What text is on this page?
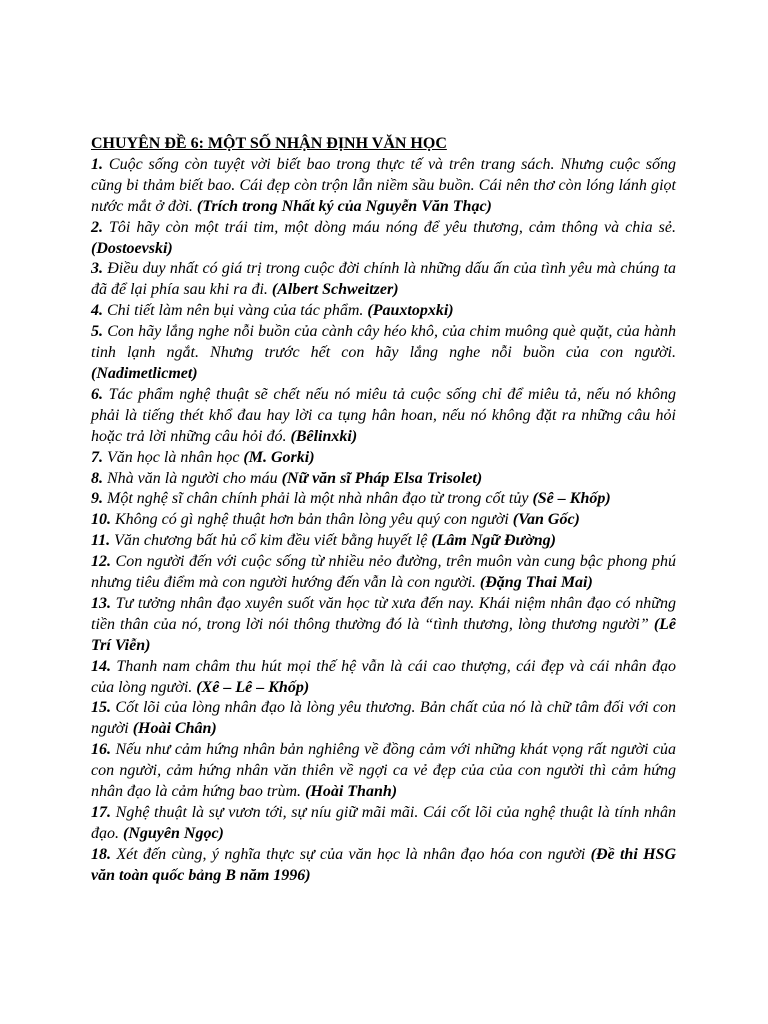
CHUYÊN ĐỀ 6: MỘT SỐ NHẬN ĐỊNH VĂN HỌC

1. Cuộc sống còn tuyệt vời biết bao trong thực tế và trên trang sách. Nhưng cuộc sống cũng bi thảm biết bao. Cái đẹp còn trộn lẫn niềm sầu buồn. Cái nên thơ còn lóng lánh giọt nước mắt ở đời. (Trích trong Nhất ký của Nguyễn Văn Thạc)

2. Tôi hãy còn một trái tim, một dòng máu nóng để yêu thương, cảm thông và chia sẻ. (Dostoevski)

3. Điều duy nhất có giá trị trong cuộc đời chính là những dấu ấn của tình yêu mà chúng ta đã để lại phía sau khi ra đi. (Albert Schweitzer)

4. Chi tiết làm nên bụi vàng của tác phẩm. (Pauxtopxki)

5. Con hãy lắng nghe nỗi buồn của cành cây héo khô, của chim muông què quặt, của hành tinh lạnh ngắt. Nhưng trước hết con hãy lắng nghe nỗi buồn của con người. (Nadimetlicmet)

6. Tác phẩm nghệ thuật sẽ chết nếu nó miêu tả cuộc sống chỉ để miêu tả, nếu nó không phải là tiếng thét khổ đau hay lời ca tụng hân hoan, nếu nó không đặt ra những câu hỏi hoặc trả lời những câu hỏi đó. (Bêlinxki)

7. Văn học là nhân học (M. Gorki)

8. Nhà văn là người cho máu (Nữ văn sĩ Pháp Elsa Trisolet)

9. Một nghệ sĩ chân chính phải là một nhà nhân đạo từ trong cốt tủy (Sê – Khốp)

10. Không có gì nghệ thuật hơn bản thân lòng yêu quý con người (Van Gốc)

11. Văn chương bất hủ cổ kim đều viết bằng huyết lệ (Lâm Ngữ Đường)

12. Con người đến với cuộc sống từ nhiều nẻo đường, trên muôn vàn cung bậc phong phú nhưng tiêu điểm mà con người hướng đến vẫn là con người. (Đặng Thai Mai)

13. Tư tưởng nhân đạo xuyên suốt văn học từ xưa đến nay. Khái niệm nhân đạo có những tiền thân của nó, trong lời nói thông thường đó là “tình thương, lòng thương người” (Lê Trí Viễn)

14. Thanh nam châm thu hút mọi thế hệ vẫn là cái cao thượng, cái đẹp và cái nhân đạo của lòng người. (Xê – Lê – Khốp)

15. Cốt lõi của lòng nhân đạo là lòng yêu thương. Bản chất của nó là chữ tâm đối với con người (Hoài Chân)

16. Nếu như cảm hứng nhân bản nghiêng về đồng cảm với những khát vọng rất người của con người, cảm hứng nhân văn thiên về ngợi ca vẻ đẹp của của con người thì cảm hứng nhân đạo là cảm hứng bao trùm. (Hoài Thanh)

17. Nghệ thuật là sự vươn tới, sự níu giữ mãi mãi. Cái cốt lõi của nghệ thuật là tính nhân đạo. (Nguyên Ngọc)

18. Xét đến cùng, ý nghĩa thực sự của văn học là nhân đạo hóa con người (Đề thi HSG văn toàn quốc bảng B năm 1996)
